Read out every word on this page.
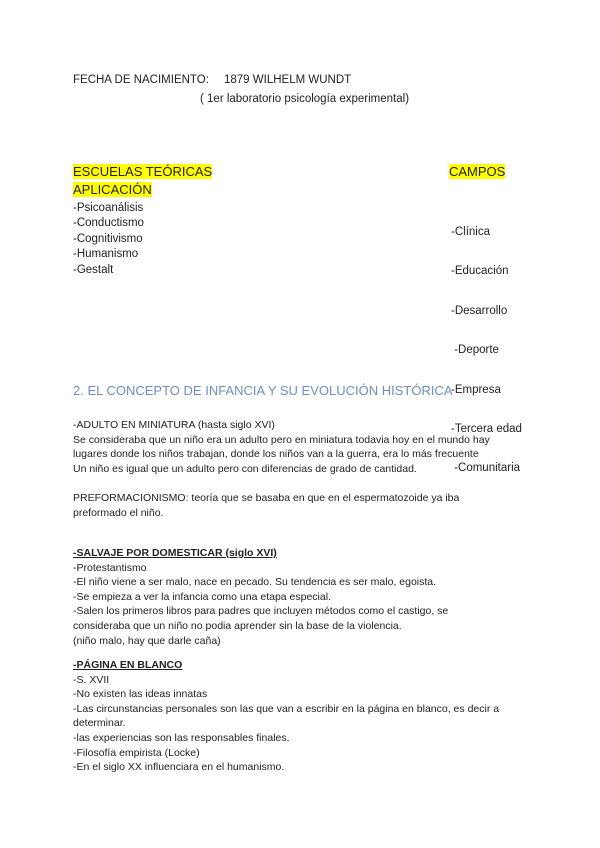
FECHA DE NACIMIENTO: 1879 WILHELM WUNDT
( 1er laboratorio psicología experimental)
ESCUELAS TEÓRICAS
APLICACIÓN
-Psicoanálisis
-Conductismo
-Cognitivismo
-Humanismo
-Gestalt
CAMPOS

-Clínica

-Educación

-Desarrollo

-Deporte

-Empresa

-Tercera edad

-Comunitaria

2. EL CONCEPTO DE INFANCIA Y SU EVOLUCIÓN HISTÓRICA
-ADULTO EN MINIATURA (hasta siglo XVI)
Se consideraba que un niño era un adulto pero en miniatura todavia hoy en el mundo hay
lugares donde los niños trabajan, donde los niños van a la guerra, era lo más frecuente
Un niño es igual que un adulto pero con diferencias de grado de cantidad.
PREFORMACIONISMO: teoría que se basaba en que en el espermatozoide ya iba
preformado el niño.
-SALVAJE POR DOMESTICAR (siglo XVI)
-Protestantismo
-El niño viene a ser malo, nace en pecado. Su tendencia es ser malo, egoista.
-Se empieza a ver la infancia como una etapa especial.
-Salen los primeros libros para padres que incluyen métodos como el castigo, se
consideraba que un niño no podia aprender sin la base de la violencia.
(niño malo, hay que darle caña)
-PÁGINA EN BLANCO
-S. XVII
-No existen las ideas innatas
-Las circunstancias personales son las que van a escribir en la página en blanco, es decir a
determinar.
-las experiencias son las responsables finales.
-Filosofía empirista (Locke)
-En el siglo XX influenciara en el humanismo.
